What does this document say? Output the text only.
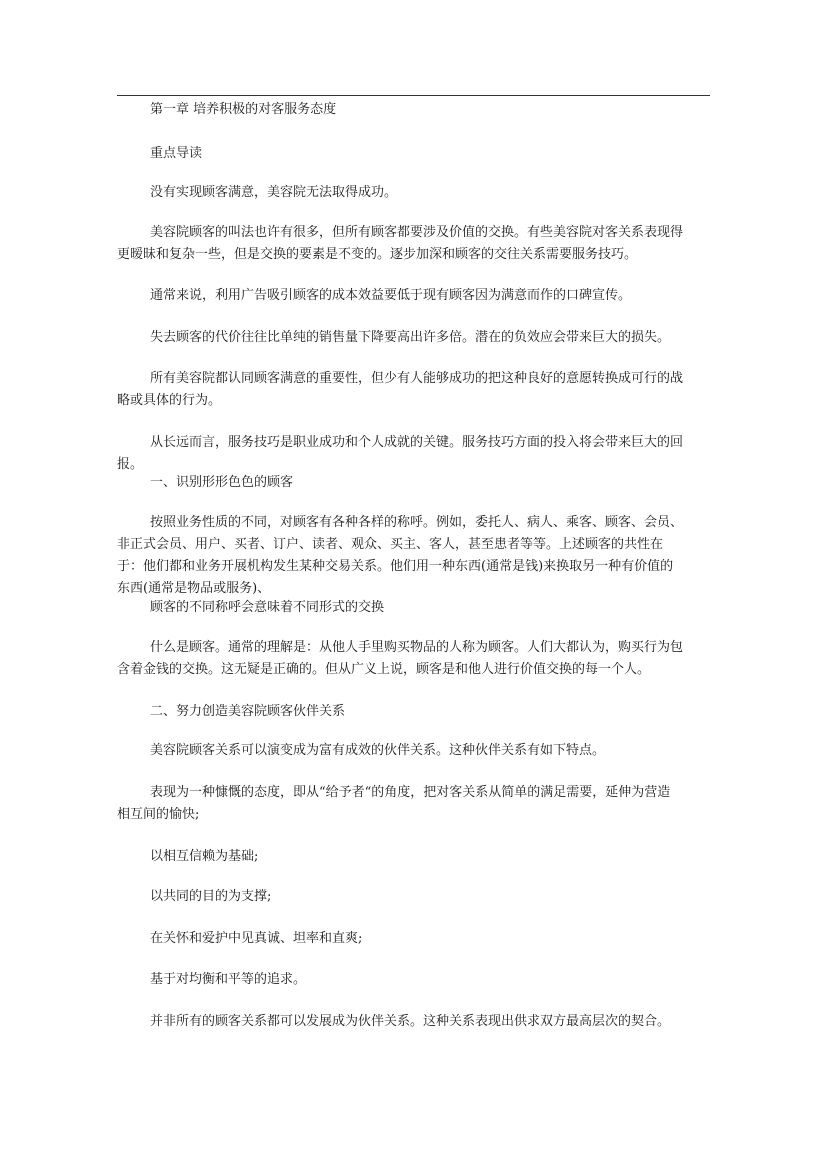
第一章 培养积极的对客服务态度

重点导读

没有实现顾客满意，美容院无法取得成功。

美容院顾客的叫法也许有很多，但所有顾客都要涉及价值的交换。有些美容院对客关系表现得更暧昧和复杂一些，但是交换的要素是不变的。逐步加深和顾客的交往关系需要服务技巧。

通常来说，利用广告吸引顾客的成本效益要低于现有顾客因为满意而作的口碑宣传。

失去顾客的代价往往比单纯的销售量下降要高出许多倍。潜在的负效应会带来巨大的损失。

所有美容院都认同顾客满意的重要性，但少有人能够成功的把这种良好的意愿转换成可行的战略或具体的行为。

从长远而言，服务技巧是职业成功和个人成就的关键。服务技巧方面的投入将会带来巨大的回报。

一、识别形形色色的顾客

按照业务性质的不同，对顾客有各种各样的称呼。例如，委托人、病人、乘客、顾客、会员、非正式会员、用户、买者、订户、读者、观众、买主、客人，甚至患者等等。上述顾客的共性在于：他们都和业务开展机构发生某种交易关系。他们用一种东西(通常是钱)来换取另一种有价值的东西(通常是物品或服务)、

顾客的不同称呼会意味着不同形式的交换

什么是顾客。通常的理解是：从他人手里购买物品的人称为顾客。人们大都认为，购买行为包含着金钱的交换。这无疑是正确的。但从广义上说，顾客是和他人进行价值交换的每一个人。

二、努力创造美容院顾客伙伴关系

美容院顾客关系可以演变成为富有成效的伙伴关系。这种伙伴关系有如下特点。

表现为一种慷慨的态度，即从“给予者“的角度，把对客关系从简单的满足需要，延伸为营造相互间的愉快;

以相互信赖为基础;

以共同的目的为支撑;

在关怀和爱护中见真诚、坦率和直爽;

基于对均衡和平等的追求。

并非所有的顾客关系都可以发展成为伙伴关系。这种关系表现出供求双方最高层次的契合。
